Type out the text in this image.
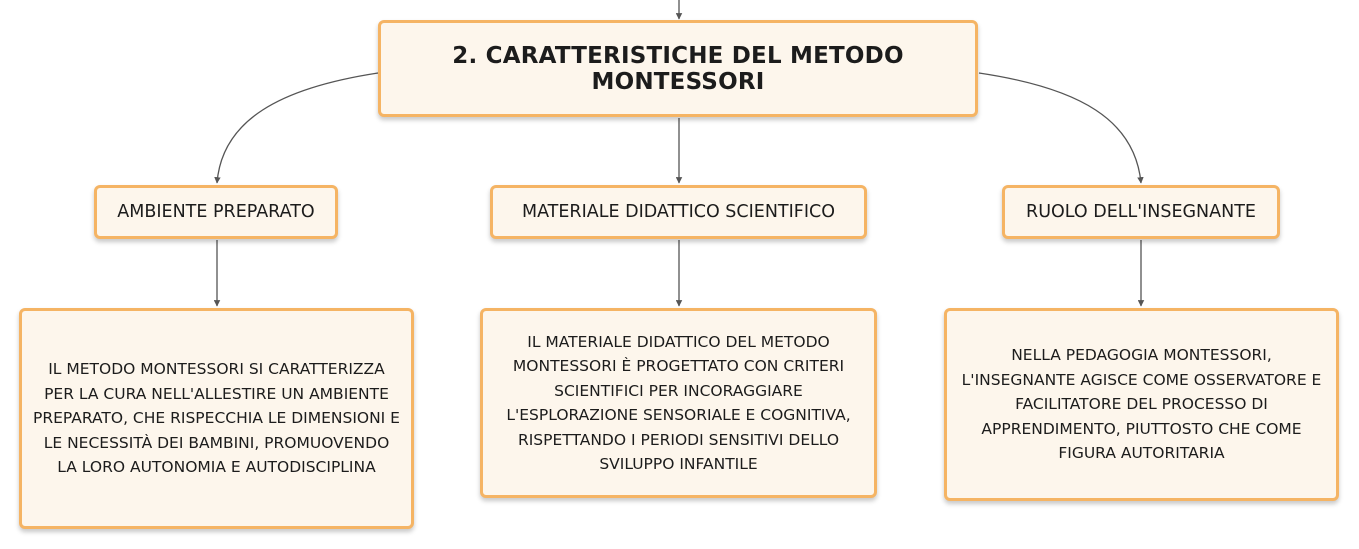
2. CARATTERISTICHE DEL METODO MONTESSORI
AMBIENTE PREPARATO	MATERIALE DIDATTICO SCIENTIFICO	RUOLO DELL'INSEGNANTE
IL METODO MONTESSORI SI CARATTERIZZA PER LA CURA NELL'ALLESTIRE UN AMBIENTE PREPARATO, CHE RISPECCHIA LE DIMENSIONI E LE NECESSITÀ DEI BAMBINI, PROMUOVENDO LA LORO AUTONOMIA E AUTODISCIPLINA
IL MATERIALE DIDATTICO DEL METODO MONTESSORI È PROGETTATO CON CRITERI SCIENTIFICI PER INCORAGGIARE L'ESPLORAZIONE SENSORIALE E COGNITIVA, RISPETTANDO I PERIODI SENSITIVI DELLO SVILUPPO INFANTILE
NELLA PEDAGOGIA MONTESSORI, L'INSEGNANTE AGISCE COME OSSERVATORE E FACILITATORE DEL PROCESSO DI APPRENDIMENTO, PIUTTOSTO CHE COME FIGURA AUTORITARIA
